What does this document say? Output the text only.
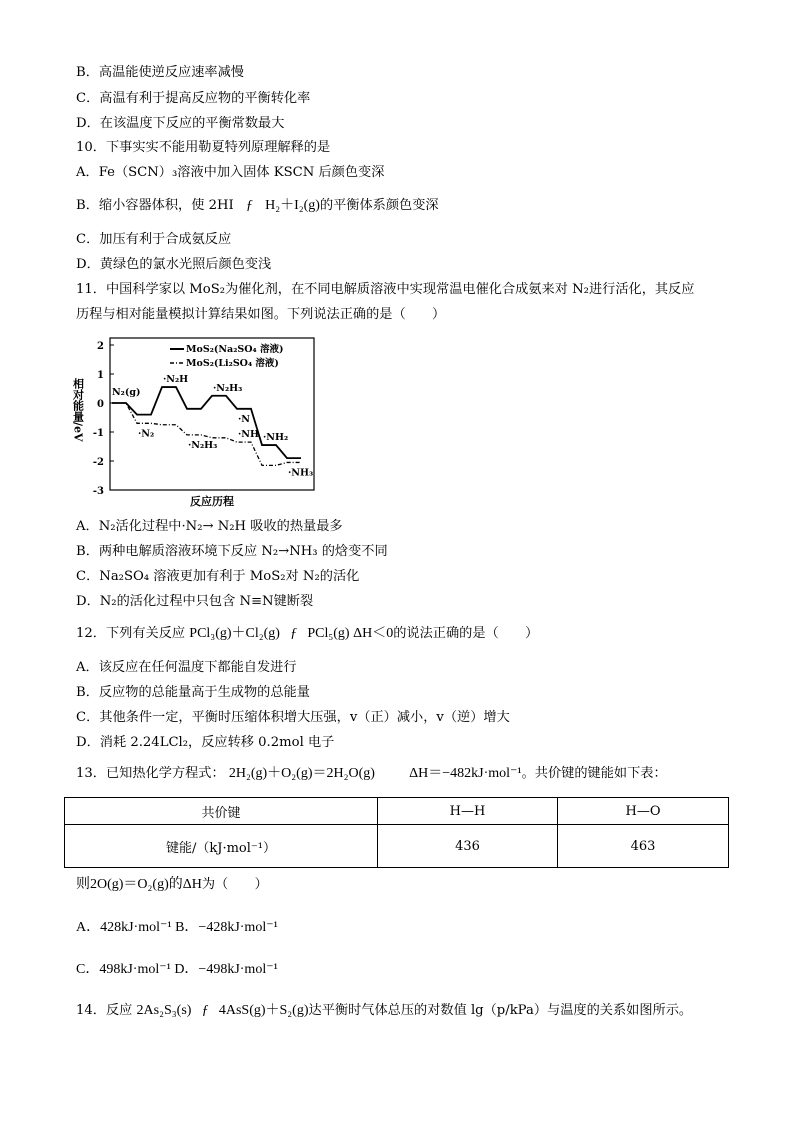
B．高温能使逆反应速率减慢
C．高温有利于提高反应物的平衡转化率
D．在该温度下反应的平衡常数最大
10．下事实实不能用勒夏特列原理解释的是
A．Fe（SCN）₃溶液中加入固体 KSCN 后颜色变深
B．缩小容器体积，使 2HI ƒ H₂＋I₂(g)的平衡体系颜色变深
C．加压有利于合成氨反应
D．黄绿色的氯水光照后颜色变浅
11．中国科学家以 MoS₂为催化剂，在不同电解质溶液中实现常温电催化合成氨来对 N₂进行活化，其反应
历程与相对能量模拟计算结果如图。下列说法正确的是（　　）
2
1
0
-1
-2
-3
相对能量/eV
反应历程
MoS₂(Na₂SO₄ 溶液)
MoS₂(Li₂SO₄ 溶液)
N₂(g)
·N₂H
·N₂H₃
·N
·NH₂
·N₂
·N₂H₃
·NH
·NH₃
A．N₂活化过程中·N₂→ N₂H 吸收的热量最多
B．两种电解质溶液环境下反应 N₂→NH₃ 的焓变不同
C．Na₂SO₄ 溶液更加有利于 MoS₂对 N₂的活化
D．N₂的活化过程中只包含 N≡N键断裂
12．下列有关反应 PCl₃(g)＋Cl₂(g) ƒ PCl₅(g) ΔH＜0的说法正确的是（　　）
A．该反应在任何温度下都能自发进行
B．反应物的总能量高于生成物的总能量
C．其他条件一定，平衡时压缩体积增大压强，v（正）减小，v（逆）增大
D．消耗 2.24LCl₂，反应转移 0.2mol 电子
13．已知热化学方程式： 2H₂(g)＋O₂(g)＝2H₂O(g) ΔH＝−482kJ·mol⁻¹。共价键的键能如下表：
共价键	H—H	H—O
键能/（kJ·mol⁻¹）	436	463
则2O(g)＝O₂(g)的ΔH为（　　）
A．428kJ·mol⁻¹ B．−428kJ·mol⁻¹
C．498kJ·mol⁻¹ D．−498kJ·mol⁻¹
14．反应 2As₂S₃(s) ƒ 4AsS(g)＋S₂(g)达平衡时气体总压的对数值 lg（p/kPa）与温度的关系如图所示。
